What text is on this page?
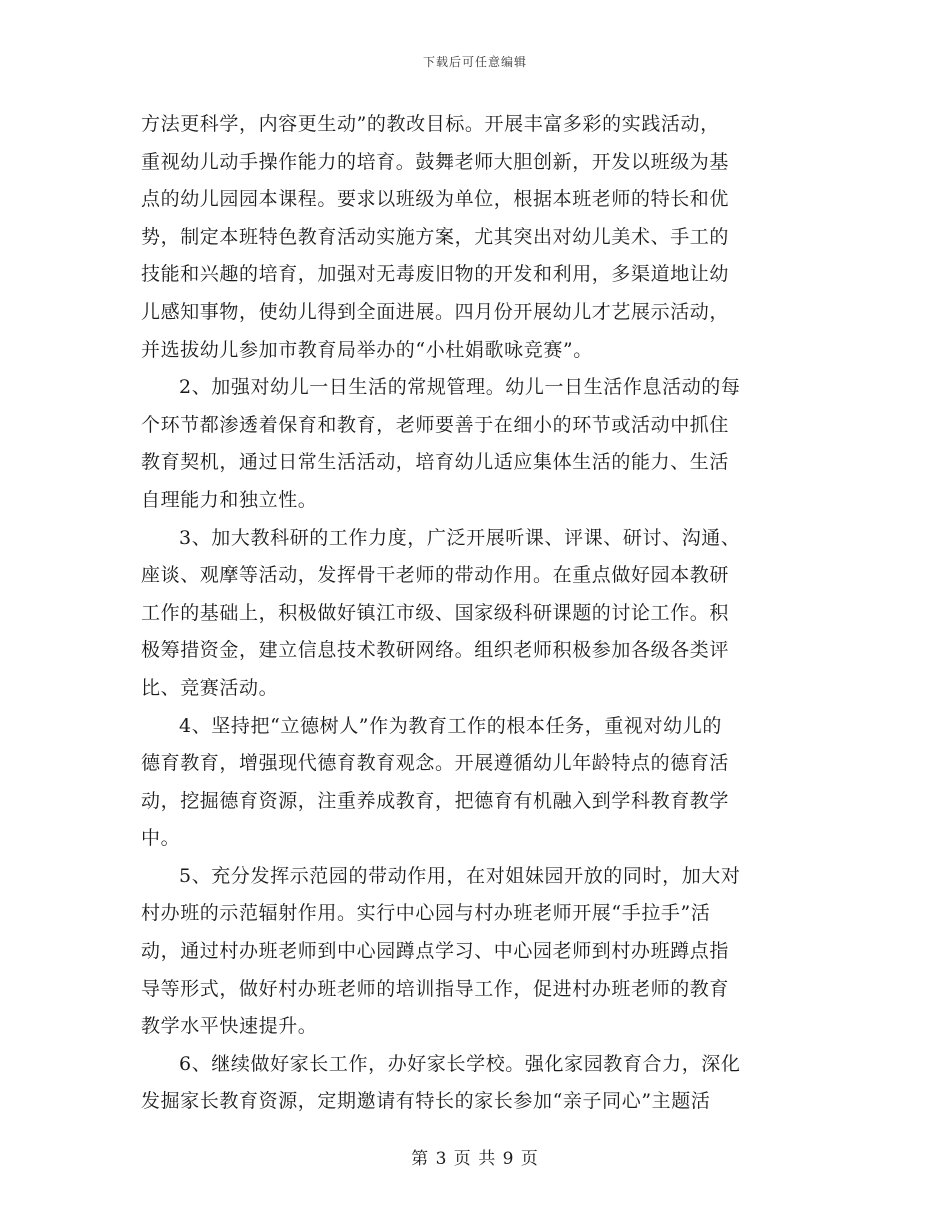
下载后可任意编辑
方法更科学，内容更生动”的教改目标。开展丰富多彩的实践活动，
重视幼儿动手操作能力的培育。鼓舞老师大胆创新，开发以班级为基
点的幼儿园园本课程。要求以班级为单位，根据本班老师的特长和优
势，制定本班特色教育活动实施方案，尤其突出对幼儿美术、手工的
技能和兴趣的培育，加强对无毒废旧物的开发和利用，多渠道地让幼
儿感知事物，使幼儿得到全面进展。四月份开展幼儿才艺展示活动，
并选拔幼儿参加市教育局举办的“小杜娟歌咏竞赛”。
2、加强对幼儿一日生活的常规管理。幼儿一日生活作息活动的每
个环节都渗透着保育和教育，老师要善于在细小的环节或活动中抓住
教育契机，通过日常生活活动，培育幼儿适应集体生活的能力、生活
自理能力和独立性。
3、加大教科研的工作力度，广泛开展听课、评课、研讨、沟通、
座谈、观摩等活动，发挥骨干老师的带动作用。在重点做好园本教研
工作的基础上，积极做好镇江市级、国家级科研课题的讨论工作。积
极筹措资金，建立信息技术教研网络。组织老师积极参加各级各类评
比、竞赛活动。
4、坚持把“立德树人”作为教育工作的根本任务，重视对幼儿的
德育教育，增强现代德育教育观念。开展遵循幼儿年龄特点的德育活
动，挖掘德育资源，注重养成教育，把德育有机融入到学科教育教学
中。
5、充分发挥示范园的带动作用，在对姐妹园开放的同时，加大对
村办班的示范辐射作用。实行中心园与村办班老师开展“手拉手”活
动，通过村办班老师到中心园蹲点学习、中心园老师到村办班蹲点指
导等形式，做好村办班老师的培训指导工作，促进村办班老师的教育
教学水平快速提升。
6、继续做好家长工作，办好家长学校。强化家园教育合力，深化
发掘家长教育资源，定期邀请有特长的家长参加“亲子同心”主题活
第 3 页 共 9 页
